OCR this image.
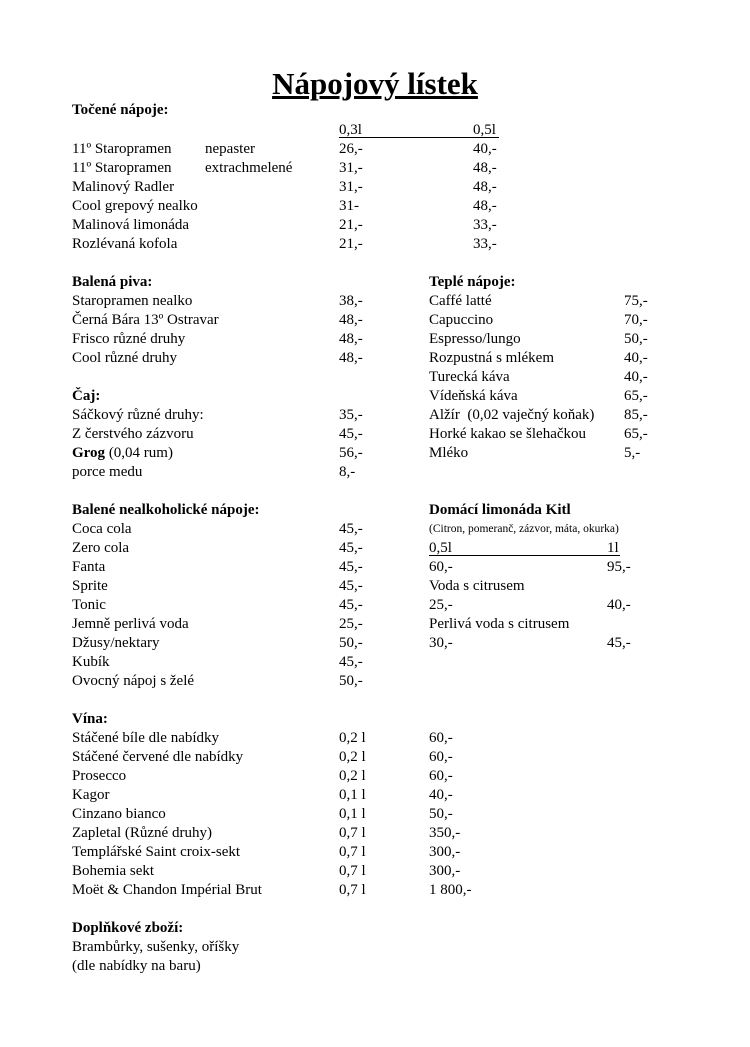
Nápojový lístek
Točené nápoje:
0,3l	0,5l
11º Staropramen nepaster	26,-	40,-
11º Staropramen extrachmelené	31,-	48,-
Malinový Radler	31,-	48,-
Cool grepový nealko	31-	48,-
Malinová limonáda	21,-	33,-
Rozlévaná kofola	21,-	33,-
Balená piva:
Staropramen nealko	38,-
Černá Bára 13º Ostravar	48,-
Frisco různé druhy	48,-
Cool různé druhy	48,-
Teplé nápoje:
Caffé latté	75,-
Capuccino	70,-
Espresso/lungo	50,-
Rozpustná s mlékem	40,-
Turecká káva	40,-
Vídeňská káva	65,-
Alžír  (0,02 vaječný koňak) 85,-
Horké kakao se šlehačkou	65,-
Mléko	5,-
Čaj:
Sáčkový různé druhy:	35,-
Z čerstvého zázvoru	45,-
Grog (0,04 rum)	56,-
porce medu	8,-
Balené nealkoholické nápoje:
Coca cola	45,-
Zero cola	45,-
Fanta	45,-
Sprite	45,-
Tonic	45,-
Jemně perlivá voda	25,-
Džusy/nektary	50,-
Kubík	45,-
Ovocný nápoj s želé	50,-
Domácí limonáda Kitl
(Citron, pomeranč, zázvor, máta, okurka)
0,5l	1l
60,-	95,-
Voda s citrusem
25,-	40,-
Perlivá voda s citrusem
30,-	45,-
Vína:
Stáčené bíle dle nabídky	0,2 l	60,-
Stáčené červené dle nabídky	0,2 l	60,-
Prosecco	0,2 l	60,-
Kagor	0,1 l	40,-
Cinzano bianco	0,1 l	50,-
Zapletal (Různé druhy)	0,7 l	350,-
Templářské Saint croix-sekt	0,7 l	300,-
Bohemia sekt	0,7 l	300,-
Moët & Chandon Impérial Brut	0,7 l	1 800,-
Doplňkové zboží:
Brambůrky, sušenky, oříšky
(dle nabídky na baru)
